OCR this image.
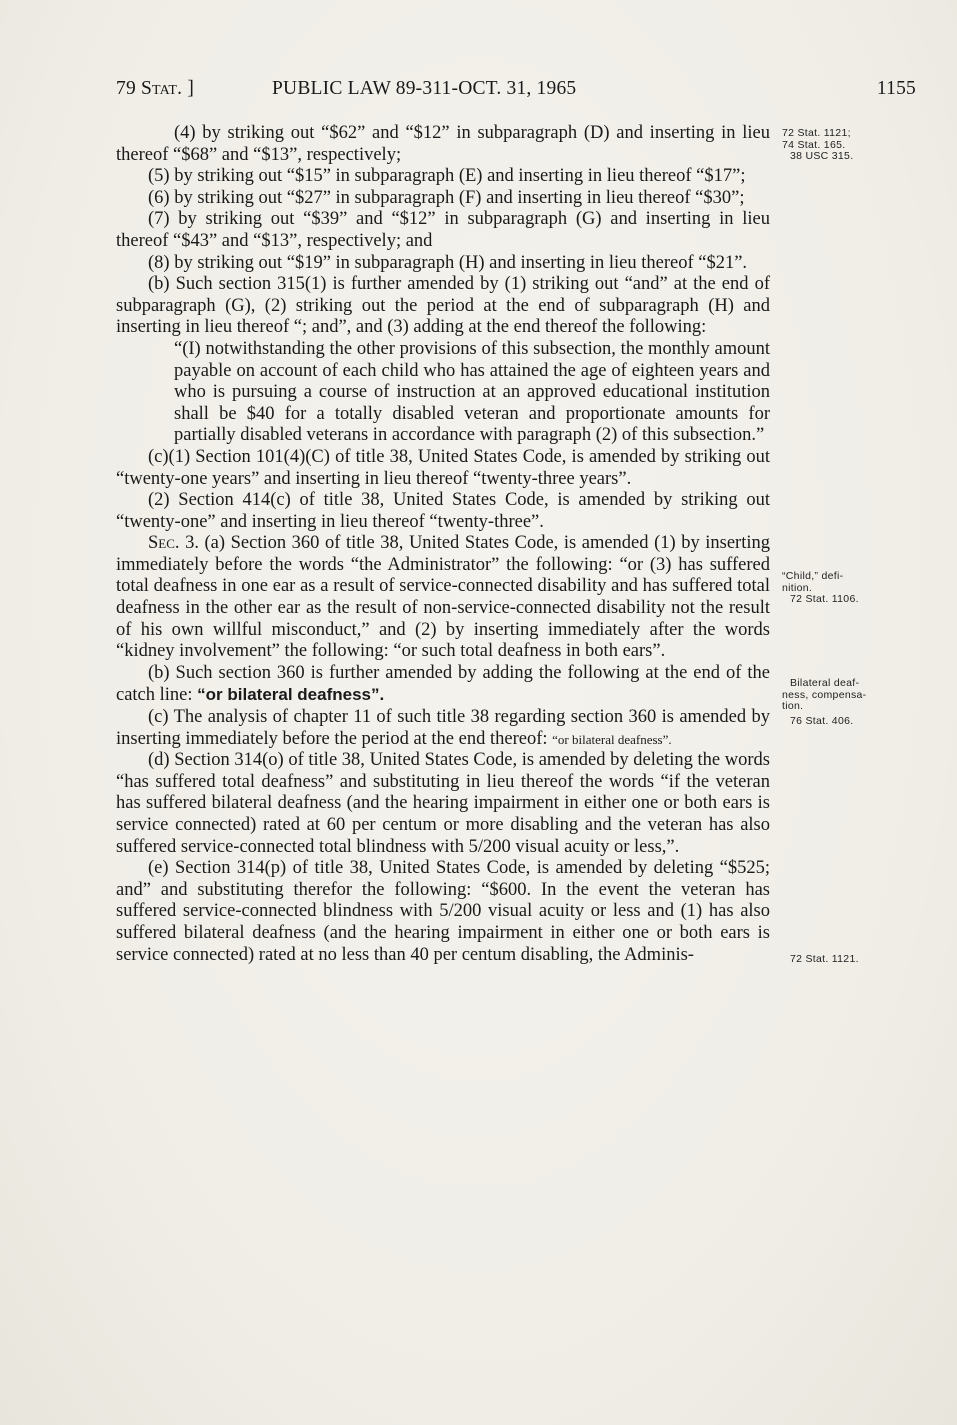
79 Stat. ]	PUBLIC LAW 89-311-OCT. 31, 1965	1155

(4) by striking out “$62” and “$12” in subparagraph (D) and inserting in lieu thereof “$68” and “$13”, respectively;

(5) by striking out “$15” in subparagraph (E) and inserting in lieu thereof “$17”;

(6) by striking out “$27” in subparagraph (F) and inserting in lieu thereof “$30”;

(7) by striking out “$39” and “$12” in subparagraph (G) and inserting in lieu thereof “$43” and “$13”, respectively; and

(8) by striking out “$19” in subparagraph (H) and inserting in lieu thereof “$21”.

(b) Such section 315(1) is further amended by (1) striking out “and” at the end of subparagraph (G), (2) striking out the period at the end of subparagraph (H) and inserting in lieu thereof “; and”, and (3) adding at the end thereof the following:

“(I) notwithstanding the other provisions of this subsection, the monthly amount payable on account of each child who has attained the age of eighteen years and who is pursuing a course of instruction at an approved educational institution shall be $40 for a totally disabled veteran and proportionate amounts for partially disabled veterans in accordance with paragraph (2) of this subsection.”

(c)(1) Section 101(4)(C) of title 38, United States Code, is amended by striking out “twenty-one years” and inserting in lieu thereof “twenty-three years”.

(2) Section 414(c) of title 38, United States Code, is amended by striking out “twenty-one” and inserting in lieu thereof “twenty-three”.

Sec. 3. (a) Section 360 of title 38, United States Code, is amended (1) by inserting immediately before the words “the Administrator” the following: “or (3) has suffered total deafness in one ear as a result of service-connected disability and has suffered total deafness in the other ear as the result of non-service-connected disability not the result of his own willful misconduct,” and (2) by inserting immediately after the words “kidney involvement” the following: “or such total deafness in both ears”.

(b) Such section 360 is further amended by adding the following at the end of the catch line: “or bilateral deafness”.

(c) The analysis of chapter 11 of such title 38 regarding section 360 is amended by inserting immediately before the period at the end thereof: “or bilateral deafness”.

(d) Section 314(o) of title 38, United States Code, is amended by deleting the words “has suffered total deafness” and substituting in lieu thereof the words “if the veteran has suffered bilateral deafness (and the hearing impairment in either one or both ears is service connected) rated at 60 per centum or more disabling and the veteran has also suffered service-connected total blindness with 5/200 visual acuity or less,”.

(e) Section 314(p) of title 38, United States Code, is amended by deleting “$525; and” and substituting therefor the following: “$600. In the event the veteran has suffered service-connected blindness with 5/200 visual acuity or less and (1) has also suffered bilateral deafness (and the hearing impairment in either one or both ears is service connected) rated at no less than 40 per centum disabling, the Adminis-

72 Stat. 1121;
74 Stat. 165.
38 USC 315.
“Child,” defi-
nition.
72 Stat. 1106.
Bilateral deaf-
ness, compensa-
tion.
76 Stat. 406.
72 Stat. 1121.
